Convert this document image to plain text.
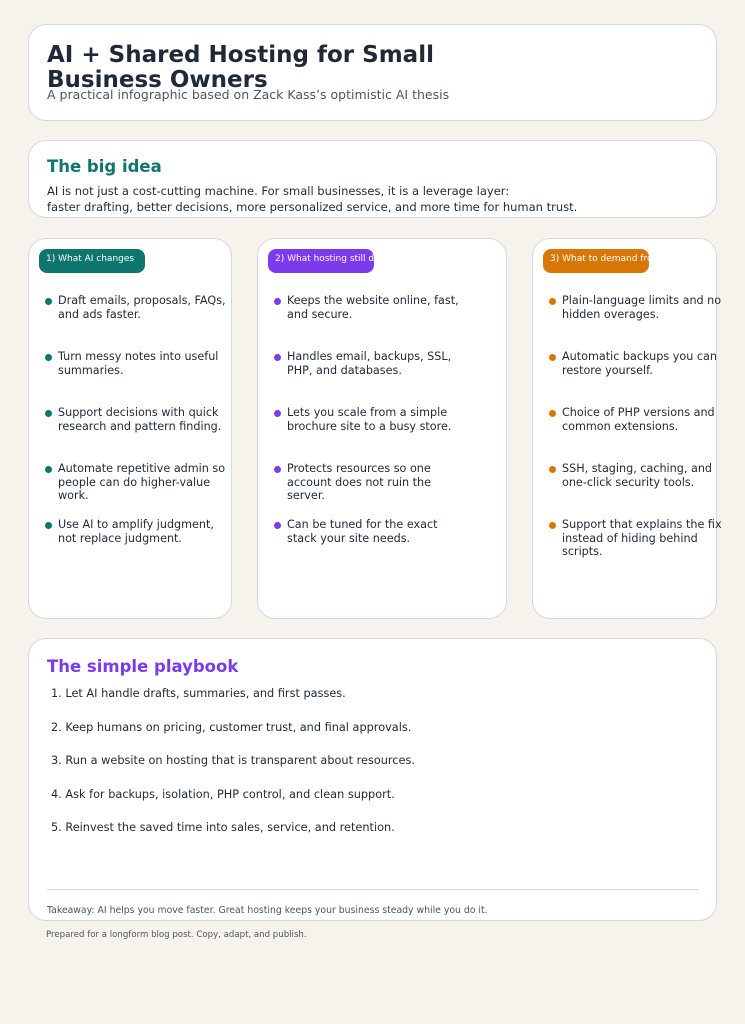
AI + Shared Hosting for Small Business Owners
A practical infographic based on Zack Kass’s optimistic AI thesis
The big idea
AI is not just a cost-cutting machine. For small businesses, it is a leverage layer:
faster drafting, better decisions, more personalized service, and more time for human trust.
1) What AI changes
Draft emails, proposals, FAQs, and ads faster.
Turn messy notes into useful summaries.
Support decisions with quick research and pattern finding.
Automate repetitive admin so people can do higher-value work.
Use AI to amplify judgment, not replace judgment.
2) What hosting still does
Keeps the website online, fast, and secure.
Handles email, backups, SSL, PHP, and databases.
Lets you scale from a simple brochure site to a busy store.
Protects resources so one account does not ruin the server.
Can be tuned for the exact stack your site needs.
3) What to demand from a host
Plain-language limits and no
hidden overages.
Automatic backups you can
restore yourself.
Choice of PHP versions and
common extensions.
SSH, staging, caching, and
one-click security tools.
Support that explains the fix
instead of hiding behind
scripts.
The simple playbook
1. Let AI handle drafts, summaries, and first passes.
2. Keep humans on pricing, customer trust, and final approvals.
3. Run a website on hosting that is transparent about resources.
4. Ask for backups, isolation, PHP control, and clean support.
5. Reinvest the saved time into sales, service, and retention.
Takeaway: AI helps you move faster. Great hosting keeps your business steady while you do it.
Prepared for a longform blog post. Copy, adapt, and publish.
